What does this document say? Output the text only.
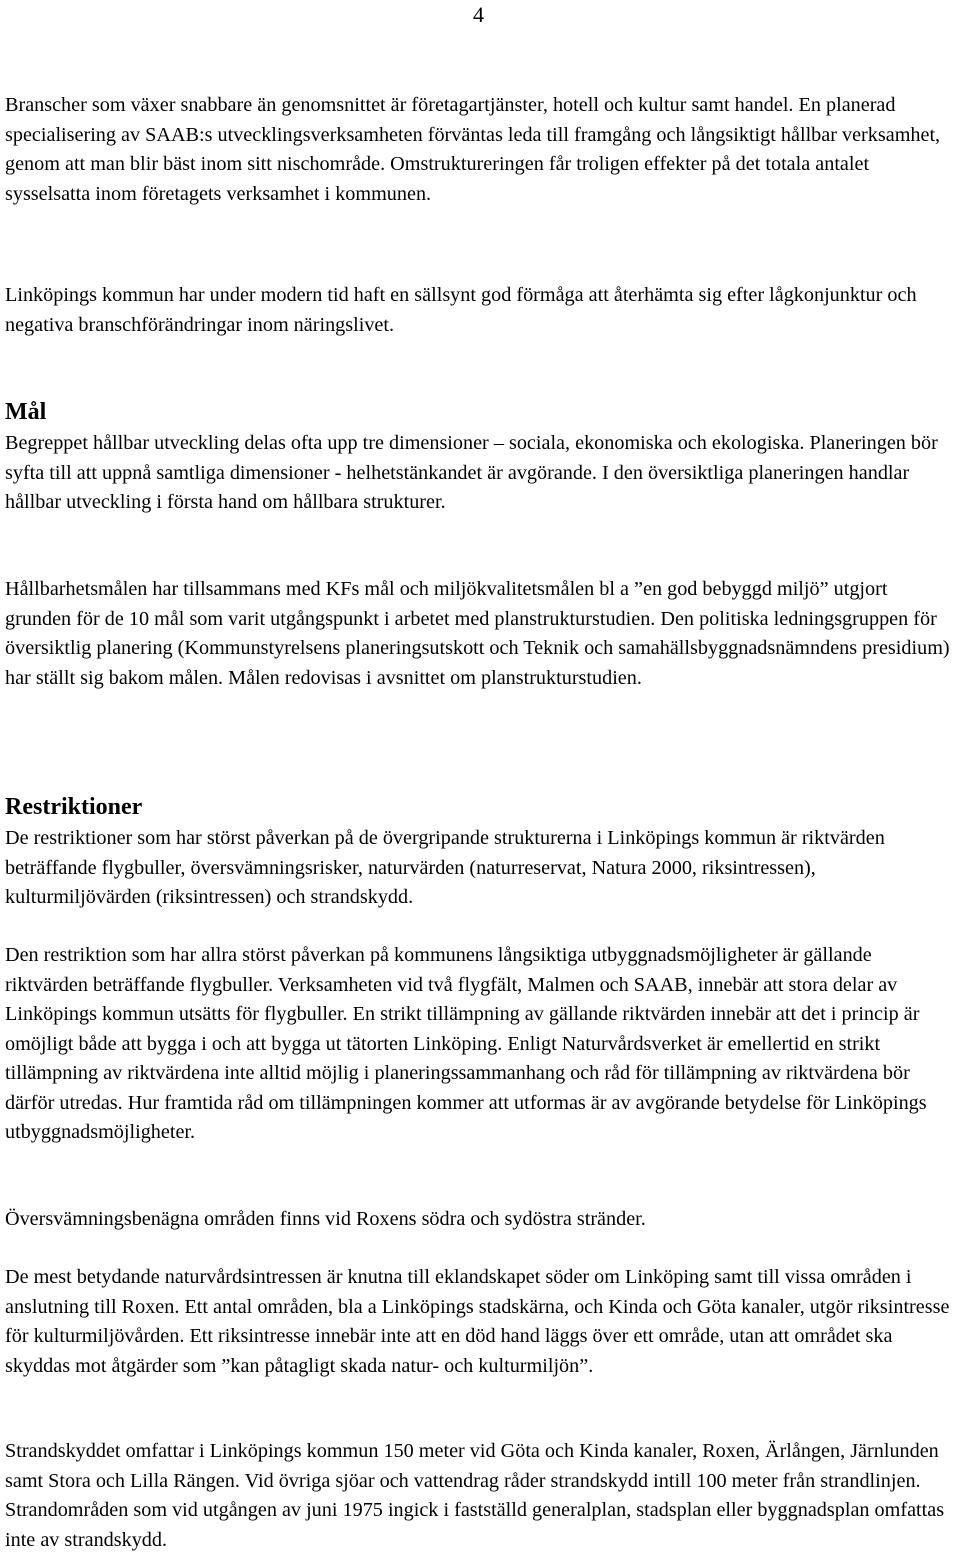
4

Branscher som växer snabbare än genomsnittet är företagartjänster, hotell och kultur samt handel. En planerad specialisering av SAAB:s utvecklingsverksamheten förväntas leda till framgång och långsiktigt hållbar verksamhet, genom att man blir bäst inom sitt nischområde. Omstruktureringen får troligen effekter på det totala antalet sysselsatta inom företagets verksamhet i kommunen.

Linköpings kommun har under modern tid haft en sällsynt god förmåga att återhämta sig efter lågkonjunktur och negativa branschförändringar inom näringslivet.

Mål

Begreppet hållbar utveckling delas ofta upp tre dimensioner – sociala, ekonomiska och ekologiska. Planeringen bör syfta till att uppnå samtliga dimensioner - helhetstänkandet är avgörande. I den översiktliga planeringen handlar hållbar utveckling i första hand om hållbara strukturer.

Hållbarhetsmålen har tillsammans med KFs mål och miljökvalitetsmålen bl a ”en god bebyggd miljö” utgjort grunden för de 10 mål som varit utgångspunkt i arbetet med planstrukturstudien. Den politiska ledningsgruppen för översiktlig planering (Kommunstyrelsens planeringsutskott och Teknik och samahällsbyggnadsnämndens presidium) har ställt sig bakom målen. Målen redovisas i avsnittet om planstrukturstudien.

Restriktioner

De restriktioner som har störst påverkan på de övergripande strukturerna i Linköpings kommun är riktvärden beträffande flygbuller, översvämningsrisker, naturvärden (naturreservat, Natura 2000, riksintressen), kulturmiljövärden (riksintressen) och strandskydd.

Den restriktion som har allra störst påverkan på kommunens långsiktiga utbyggnadsmöjligheter är gällande riktvärden beträffande flygbuller. Verksamheten vid två flygfält, Malmen och SAAB, innebär att stora delar av Linköpings kommun utsätts för flygbuller. En strikt tillämpning av gällande riktvärden innebär att det i princip är omöjligt både att bygga i och att bygga ut tätorten Linköping. Enligt Naturvårdsverket är emellertid en strikt tillämpning av riktvärdena inte alltid möjlig i planeringssammanhang och råd för tillämpning av riktvärdena bör därför utredas. Hur framtida råd om tillämpningen kommer att utformas är av avgörande betydelse för Linköpings utbyggnadsmöjligheter.

Översvämningsbenägna områden finns vid Roxens södra och sydöstra stränder.

De mest betydande naturvårdsintressen är knutna till eklandskapet söder om Linköping samt till vissa områden i anslutning till Roxen. Ett antal områden, bla a Linköpings stadskärna, och Kinda och Göta kanaler, utgör riksintresse för kulturmiljövården. Ett riksintresse innebär inte att en död hand läggs över ett område, utan att området ska skyddas mot åtgärder som ”kan påtagligt skada natur- och kulturmiljön”.

Strandskyddet omfattar i Linköpings kommun 150 meter vid Göta och Kinda kanaler, Roxen, Ärlången, Järnlunden samt Stora och Lilla Rängen. Vid övriga sjöar och vattendrag råder strandskydd intill 100 meter från strandlinjen. Strandområden som vid utgången av juni 1975 ingick i fastställd generalplan, stadsplan eller byggnadsplan omfattas inte av strandskydd.
